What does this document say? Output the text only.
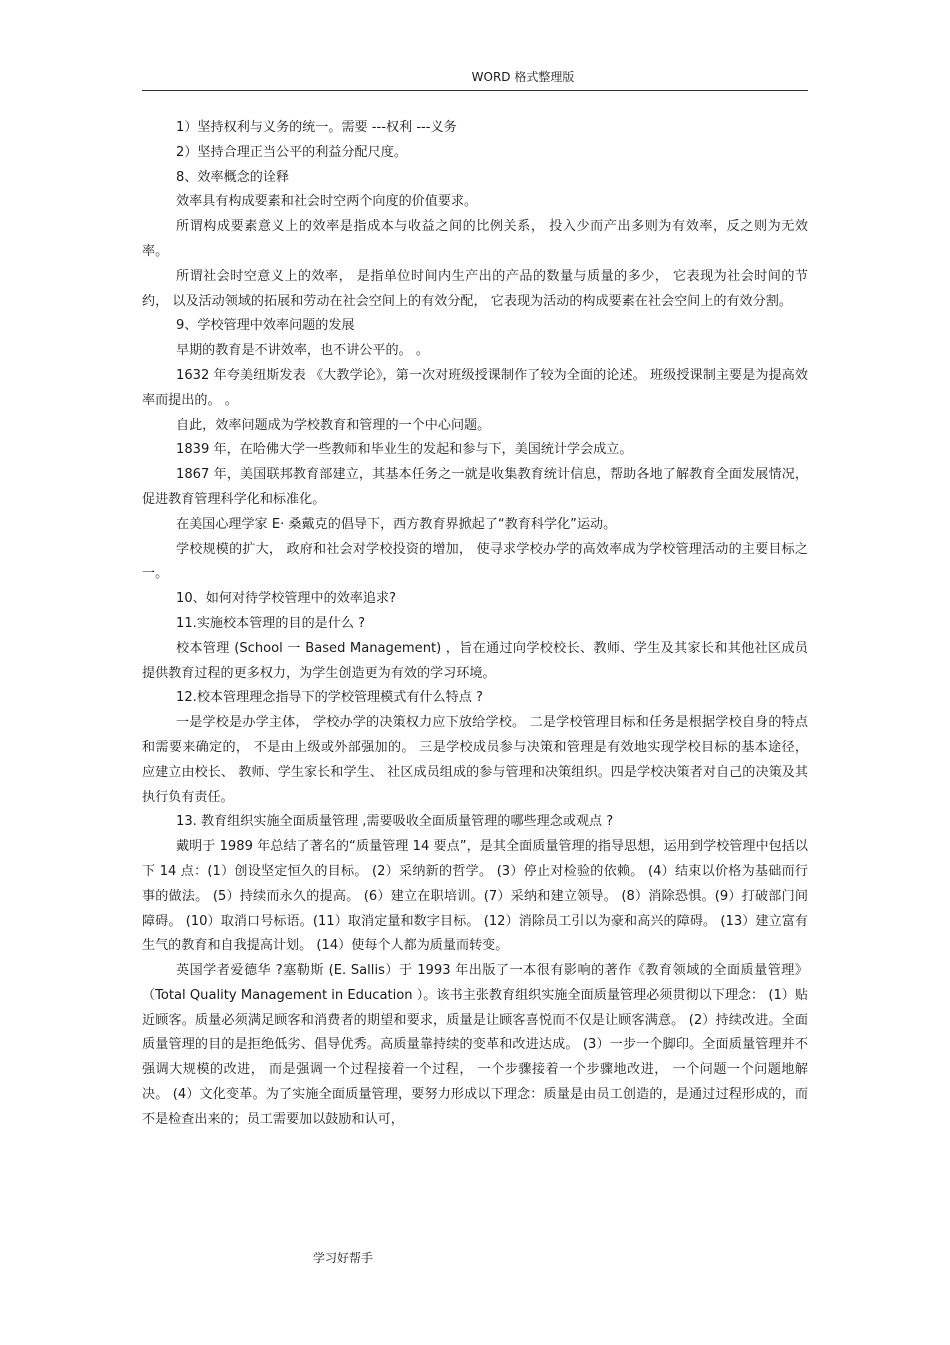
WORD 格式整理版

1）坚持权利与义务的统一。需要 ---权利 ---义务

2）坚持合理正当公平的利益分配尺度。

8、效率概念的诠释

效率具有构成要素和社会时空两个向度的价值要求。

所谓构成要素意义上的效率是指成本与收益之间的比例关系， 投入少而产出多则为有效率，反之则为无效率。

所谓社会时空意义上的效率， 是指单位时间内生产出的产品的数量与质量的多少， 它表现为社会时间的节约， 以及活动领域的拓展和劳动在社会空间上的有效分配， 它表现为活动的构成要素在社会空间上的有效分割。

9、学校管理中效率问题的发展

早期的教育是不讲效率，也不讲公平的。 。

1632 年夸美纽斯发表 《大教学论》，第一次对班级授课制作了较为全面的论述。 班级授课制主要是为提高效率而提出的。 。

自此，效率问题成为学校教育和管理的一个中心问题。

1839 年，在哈佛大学一些教师和毕业生的发起和参与下，美国统计学会成立。

1867 年，美国联邦教育部建立，其基本任务之一就是收集教育统计信息，帮助各地了解教育全面发展情况，促进教育管理科学化和标准化。

在美国心理学家 E· 桑戴克的倡导下，西方教育界掀起了“教育科学化”运动。

学校规模的扩大， 政府和社会对学校投资的增加， 使寻求学校办学的高效率成为学校管理活动的主要目标之一。

10、如何对待学校管理中的效率追求?

11.实施校本管理的目的是什么 ?

校本管理 (School 一 Based Management) ，旨在通过向学校校长、教师、学生及其家长和其他社区成员提供教育过程的更多权力，为学生创造更为有效的学习环境。

12.校本管理理念指导下的学校管理模式有什么特点 ?

一是学校是办学主体， 学校办学的决策权力应下放给学校。 二是学校管理目标和任务是根据学校自身的特点和需要来确定的， 不是由上级或外部强加的。 三是学校成员参与决策和管理是有效地实现学校目标的基本途径， 应建立由校长、 教师、学生家长和学生、 社区成员组成的参与管理和决策组织。四是学校决策者对自己的决策及其执行负有责任。

13. 教育组织实施全面质量管理 ,需要吸收全面质量管理的哪些理念或观点 ?

戴明于 1989 年总结了著名的“质量管理 14 要点”，是其全面质量管理的指导思想，运用到学校管理中包括以下 14 点：(1）创设坚定恒久的目标。 (2）采纳新的哲学。 (3）停止对检验的依赖。 (4）结束以价格为基础而行事的做法。 (5）持续而永久的提高。 (6）建立在职培训。(7）采纳和建立领导。 (8）消除恐惧。(9）打破部门间障碍。 (10）取消口号标语。(11）取消定量和数字目标。 (12）消除员工引以为豪和高兴的障碍。 (13）建立富有生气的教育和自我提高计划。 (14）使每个人都为质量而转变。

英国学者爱德华 ?塞勒斯 (E. Sallis）于 1993 年出版了一本很有影响的著作《教育领域的全面质量管理》 （Total Quality Management in Education ）。该书主张教育组织实施全面质量管理必须贯彻以下理念： (1）贴近顾客。质量必须满足顾客和消费者的期望和要求，质量是让顾客喜悦而不仅是让顾客满意。 (2）持续改进。全面质量管理的目的是拒绝低劣、倡导优秀。高质量靠持续的变革和改进达成。 (3）一步一个脚印。全面质量管理并不强调大规模的改进， 而是强调一个过程接着一个过程， 一个步骤接着一个步骤地改进， 一个问题一个问题地解决。 (4）文化变革。为了实施全面质量管理，要努力形成以下理念：质量是由员工创造的，是通过过程形成的，而不是检查出来的；员工需要加以鼓励和认可，

学习好帮手
